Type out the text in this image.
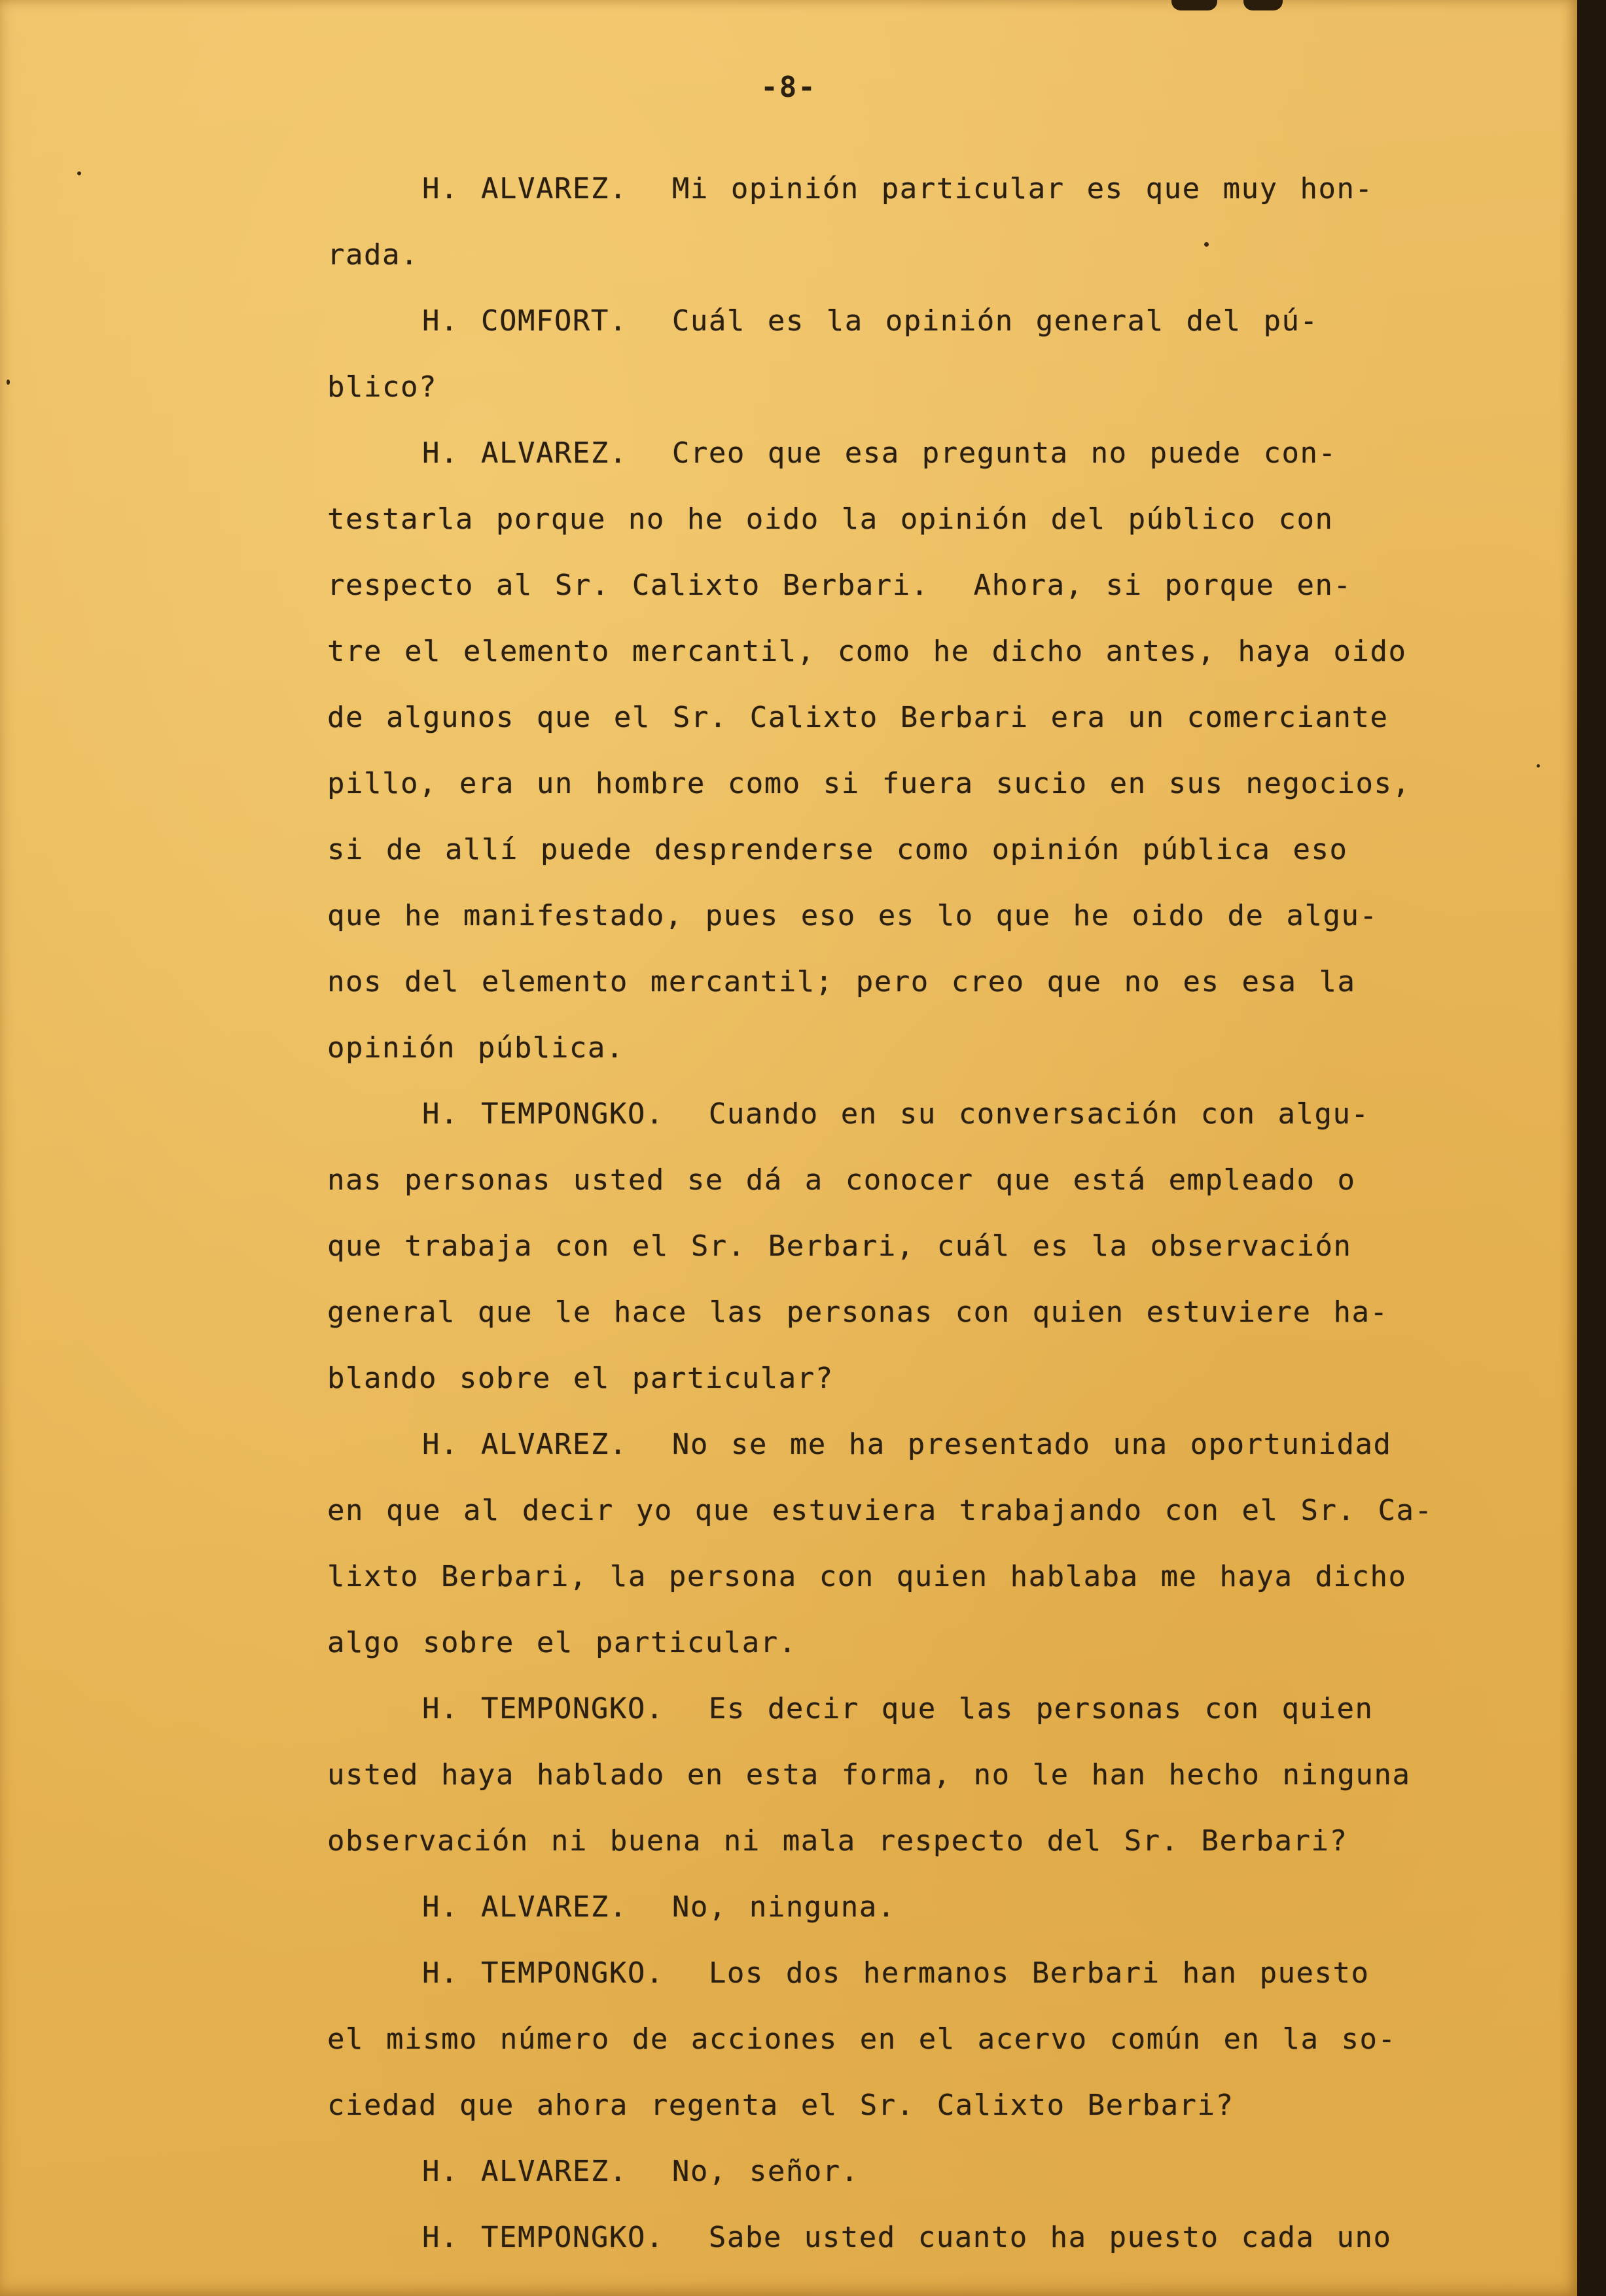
-8-
H. ALVAREZ.  Mi opinión particular es que muy hon-
rada.
H. COMFORT.  Cuál es la opinión general del pú-
blico?
H. ALVAREZ.  Creo que esa pregunta no puede con-
testarla porque no he oido la opinión del público con
respecto al Sr. Calixto Berbari.  Ahora, si porque en-
tre el elemento mercantil, como he dicho antes, haya oido
de algunos que el Sr. Calixto Berbari era un comerciante
pillo, era un hombre como si fuera sucio en sus negocios,
si de allí puede desprenderse como opinión pública eso
que he manifestado, pues eso es lo que he oido de algu-
nos del elemento mercantil; pero creo que no es esa la
opinión pública.
H. TEMPONGKO.  Cuando en su conversación con algu-
nas personas usted se dá a conocer que está empleado o
que trabaja con el Sr. Berbari, cuál es la observación
general que le hace las personas con quien estuviere ha-
blando sobre el particular?
H. ALVAREZ.  No se me ha presentado una oportunidad
en que al decir yo que estuviera trabajando con el Sr. Ca-
lixto Berbari, la persona con quien hablaba me haya dicho
algo sobre el particular.
H. TEMPONGKO.  Es decir que las personas con quien
usted haya hablado en esta forma, no le han hecho ninguna
observación ni buena ni mala respecto del Sr. Berbari?
H. ALVAREZ.  No, ninguna.
H. TEMPONGKO.  Los dos hermanos Berbari han puesto
el mismo número de acciones en el acervo común en la so-
ciedad que ahora regenta el Sr. Calixto Berbari?
H. ALVAREZ.  No, señor.
H. TEMPONGKO.  Sabe usted cuanto ha puesto cada uno
